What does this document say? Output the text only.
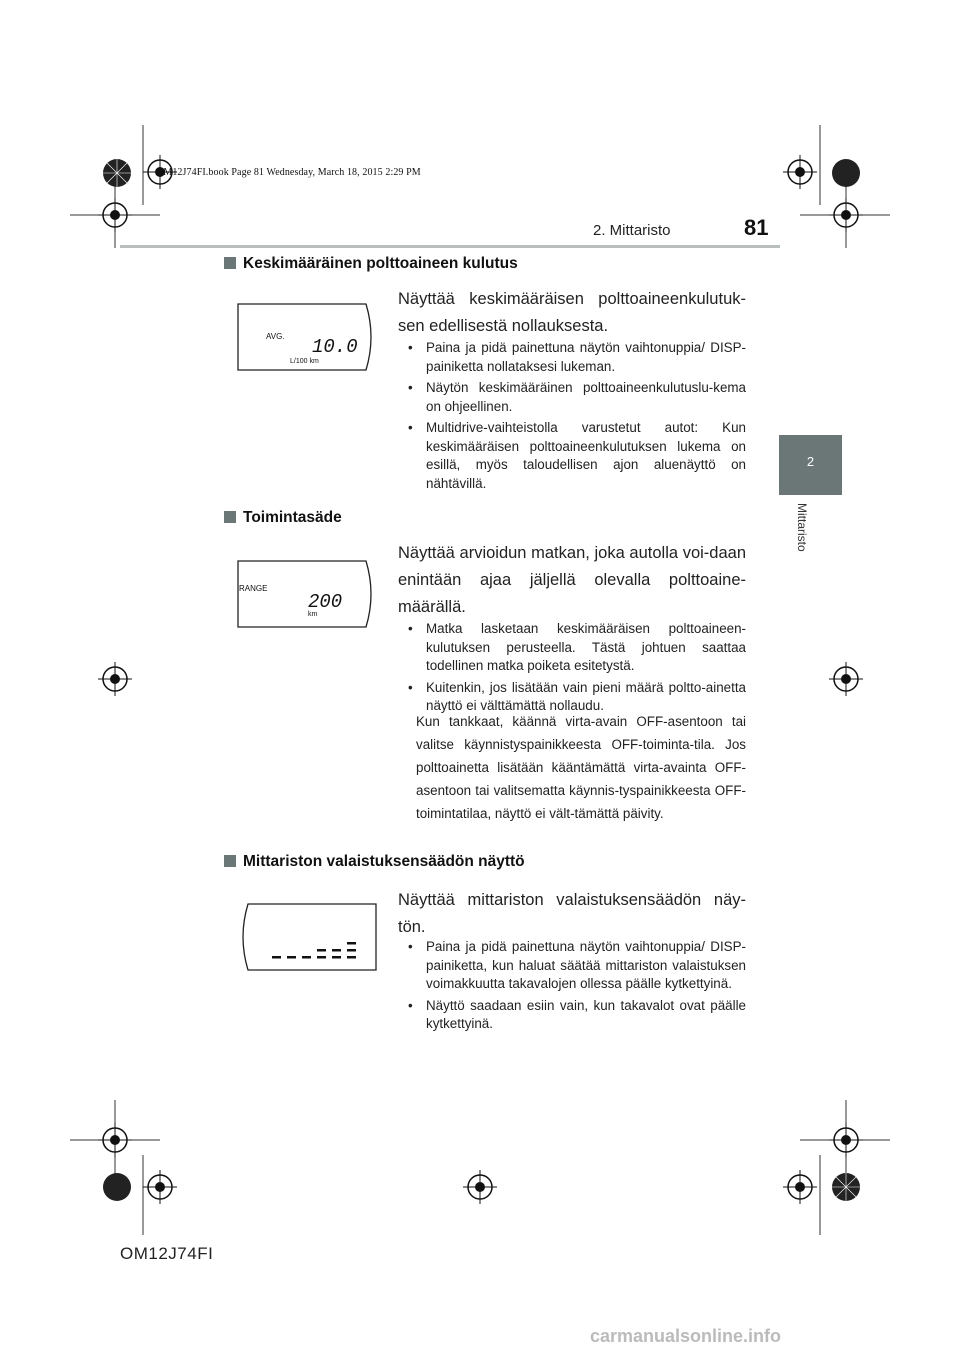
OM12J74FI.book Page 81 Wednesday, March 18, 2015 2:29 PM
2. Mittaristo	81
2
Mittaristo
Keskimääräinen polttoaineen kulutus
AVG. 10.0
L/100 km
Näyttää keskimääräisen polttoaineenkulutuk-sen edellisestä nollauksesta.
• Paina ja pidä painettuna näytön vaihtonuppia/ DISP-painiketta nollataksesi lukeman.
• Näytön keskimääräinen polttoaineenkulutuslu-kema on ohjeellinen.
• Multidrive-vaihteistolla varustetut autot: Kun keskimääräisen polttoaineenkulutuksen lukema on esillä, myös taloudellisen ajon aluenäyttö on nähtävillä.
Toimintasäde
RANGE
200
km
Näyttää arvioidun matkan, joka autolla voi-daan enintään ajaa jäljellä olevalla polttoaine-määrällä.
• Matka lasketaan keskimääräisen polttoaineen-kulutuksen perusteella. Tästä johtuen saattaa todellinen matka poiketa esitetystä.
• Kuitenkin, jos lisätään vain pieni määrä poltto-ainetta näyttö ei välttämättä nollaudu.
Kun tankkaat, käännä virta-avain OFF-asentoon tai valitse käynnistyspainikkeesta OFF-toiminta-tila. Jos polttoainetta lisätään kääntämättä virta-avainta OFF-asentoon tai valitsematta käynnis-tyspainikkeesta OFF-toimintatilaa, näyttö ei vält-tämättä päivity.
Mittariston valaistuksensäädön näyttö
Näyttää mittariston valaistuksensäädön näy-tön.
• Paina ja pidä painettuna näytön vaihtonuppia/ DISP-painiketta, kun haluat säätää mittariston valaistuksen voimakkuutta takavalojen ollessa päälle kytkettyinä.
• Näyttö saadaan esiin vain, kun takavalot ovat päälle kytkettyinä.
OM12J74FI
carmanualsonline.info
